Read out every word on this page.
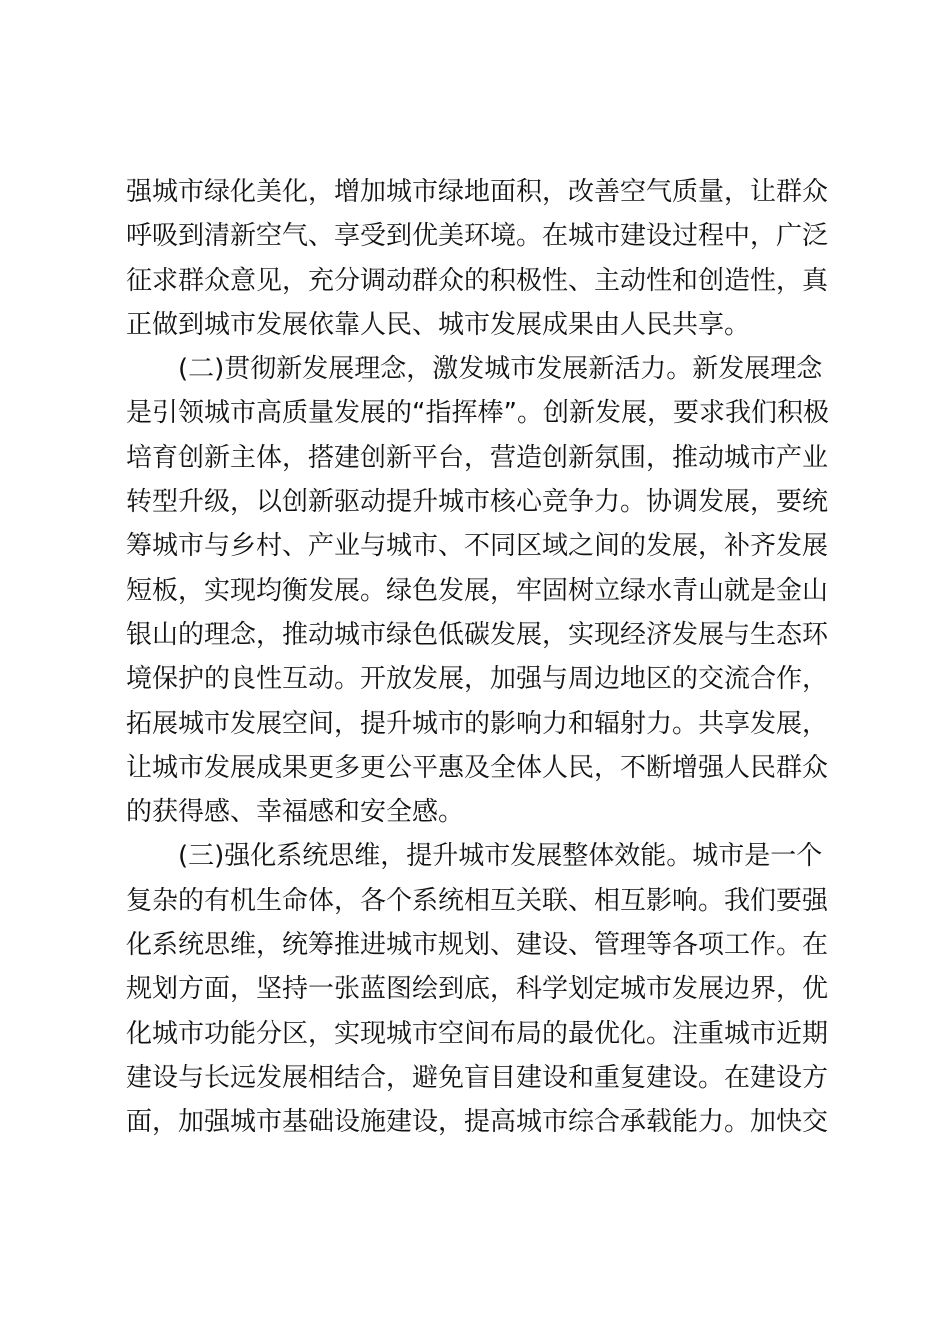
强城市绿化美化，增加城市绿地面积，改善空气质量，让群众
呼吸到清新空气、享受到优美环境。在城市建设过程中，广泛
征求群众意见，充分调动群众的积极性、主动性和创造性，真
正做到城市发展依靠人民、城市发展成果由人民共享。
(二)贯彻新发展理念，激发城市发展新活力。新发展理念
是引领城市高质量发展的“指挥棒”。创新发展，要求我们积极
培育创新主体，搭建创新平台，营造创新氛围，推动城市产业
转型升级，以创新驱动提升城市核心竞争力。协调发展，要统
筹城市与乡村、产业与城市、不同区域之间的发展，补齐发展
短板，实现均衡发展。绿色发展，牢固树立绿水青山就是金山
银山的理念，推动城市绿色低碳发展，实现经济发展与生态环
境保护的良性互动。开放发展，加强与周边地区的交流合作，
拓展城市发展空间，提升城市的影响力和辐射力。共享发展，
让城市发展成果更多更公平惠及全体人民，不断增强人民群众
的获得感、幸福感和安全感。
(三)强化系统思维，提升城市发展整体效能。城市是一个
复杂的有机生命体，各个系统相互关联、相互影响。我们要强
化系统思维，统筹推进城市规划、建设、管理等各项工作。在
规划方面，坚持一张蓝图绘到底，科学划定城市发展边界，优
化城市功能分区，实现城市空间布局的最优化。注重城市近期
建设与长远发展相结合，避免盲目建设和重复建设。在建设方
面，加强城市基础设施建设，提高城市综合承载能力。加快交
